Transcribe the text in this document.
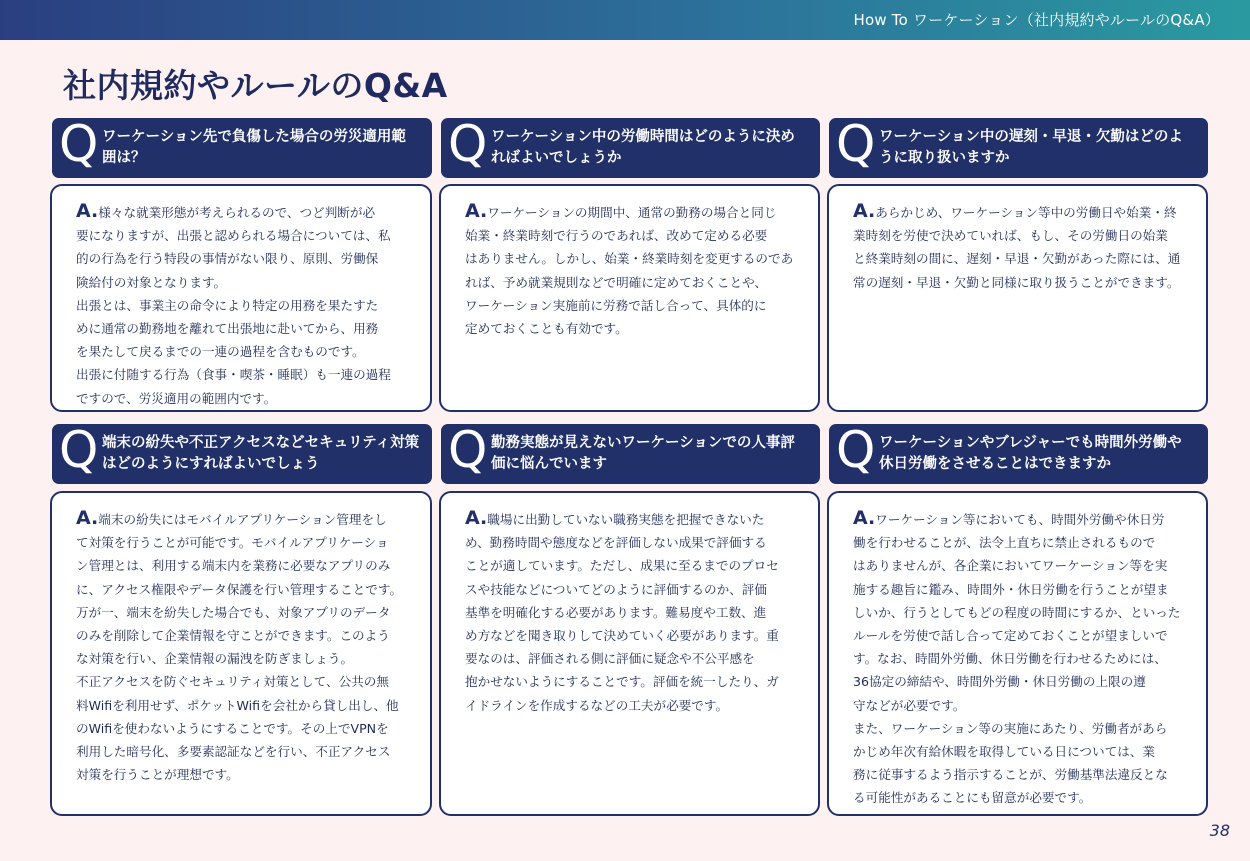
How To ワーケーション（社内規約やルールのQ&A）
社内規約やルールのQ&A
Q ワーケーション先で負傷した場合の労災適用範囲は？
A.様々な就業形態が考えられるので、つど判断が必
要になりますが、出張と認められる場合については、私
的の行為を行う特段の事情がない限り、原則、労働保
険給付の対象となります。
出張とは、事業主の命令により特定の用務を果たすた
めに通常の勤務地を離れて出張地に赴いてから、用務
を果たして戻るまでの一連の過程を含むものです。
出張に付随する行為（食事・喫茶・睡眠）も一連の過程
ですので、労災適用の範囲内です。
Q ワーケーション中の労働時間はどのように決めればよいでしょうか
A.ワーケーションの期間中、通常の勤務の場合と同じ
始業・終業時刻で行うのであれば、改めて定める必要
はありません。しかし、始業・終業時刻を変更するのであ
れば、予め就業規則などで明確に定めておくことや、
ワーケーション実施前に労務で話し合って、具体的に
定めておくことも有効です。
Q ワーケーション中の遅刻・早退・欠勤はどのように取り扱いますか
A.あらかじめ、ワーケーション等中の労働日や始業・終
業時刻を労使で決めていれば、もし、その労働日の始業
と終業時刻の間に、遅刻・早退・欠勤があった際には、通
常の遅刻・早退・欠勤と同様に取り扱うことができます。
Q 端末の紛失や不正アクセスなどセキュリティ対策はどのようにすればよいでしょう
A.端末の紛失にはモバイルアプリケーション管理をし
て対策を行うことが可能です。モバイルアプリケーショ
ン管理とは、利用する端末内を業務に必要なアプリのみ
に、アクセス権限やデータ保護を行い管理することです。
万が一、端末を紛失した場合でも、対象アプリのデータ
のみを削除して企業情報を守ことができます。このよう
な対策を行い、企業情報の漏洩を防ぎましょう。
不正アクセスを防ぐセキュリティ対策として、公共の無
料Wifiを利用せず、ポケットWifiを会社から貸し出し、他
のWifiを使わないようにすることです。その上でVPNを
利用した暗号化、多要素認証などを行い、不正アクセス
対策を行うことが理想です。
Q 勤務実態が見えないワーケーションでの人事評価に悩んでいます
A.職場に出勤していない職務実態を把握できないた
め、勤務時間や態度などを評価しない成果で評価する
ことが適しています。ただし、成果に至るまでのプロセ
スや技能などについてどのように評価するのか、評価
基準を明確化する必要があります。難易度や工数、進
め方などを聞き取りして決めていく必要があります。重
要なのは、評価される側に評価に疑念や不公平感を
抱かせないようにすることです。評価を統一したり、ガ
イドラインを作成するなどの工夫が必要です。
Q ワーケーションやブレジャーでも時間外労働や休日労働をさせることはできますか
A.ワーケーション等においても、時間外労働や休日労
働を行わせることが、法令上直ちに禁止されるもので
はありませんが、各企業においてワーケーション等を実
施する趣旨に鑑み、時間外・休日労働を行うことが望ま
しいか、行うとしてもどの程度の時間にするか、といった
ルールを労使で話し合って定めておくことが望ましいで
す。なお、時間外労働、休日労働を行わせるためには、
36協定の締結や、時間外労働・休日労働の上限の遵
守などが必要です。
また、ワーケーション等の実施にあたり、労働者があら
かじめ年次有給休暇を取得している日については、業
務に従事するよう指示することが、労働基準法違反とな
る可能性があることにも留意が必要です。
38
